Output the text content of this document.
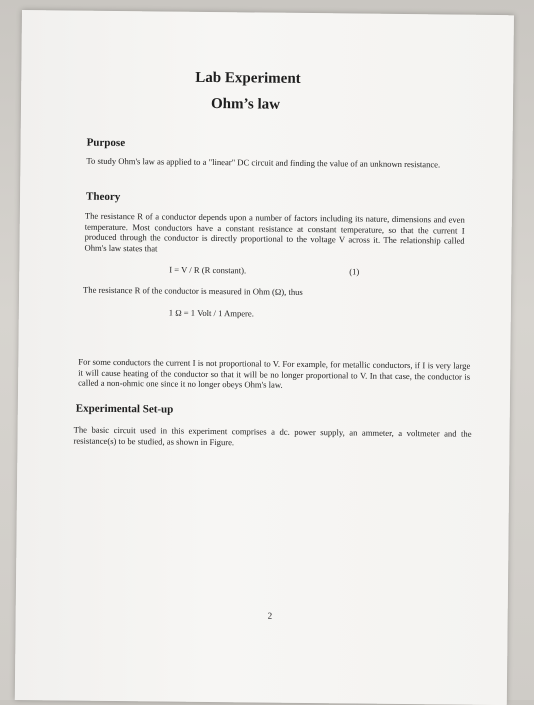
Lab Experiment

Ohm’s law

Purpose

To study Ohm's law as applied to a "linear" DC circuit and finding the value of an unknown resistance.

Theory

The resistance R of a conductor depends upon a number of factors including its nature, dimensions and even temperature. Most conductors have a constant resistance at constant temperature, so that the current I produced through the conductor is directly proportional to the voltage V across it. The relationship called Ohm's law states that

I = V / R (R constant).	(1)

The resistance R of the conductor is measured in Ohm (Ω), thus

1 Ω = 1 Volt / 1 Ampere.

For some conductors the current I is not proportional to V. For example, for metallic conductors, if I is very large it will cause heating of the conductor so that it will be no longer proportional to V. In that case, the conductor is called a non-ohmic one since it no longer obeys Ohm's law.

Experimental Set-up

The basic circuit used in this experiment comprises a dc. power supply, an ammeter, a voltmeter and the resistance(s) to be studied, as shown in Figure.

2
